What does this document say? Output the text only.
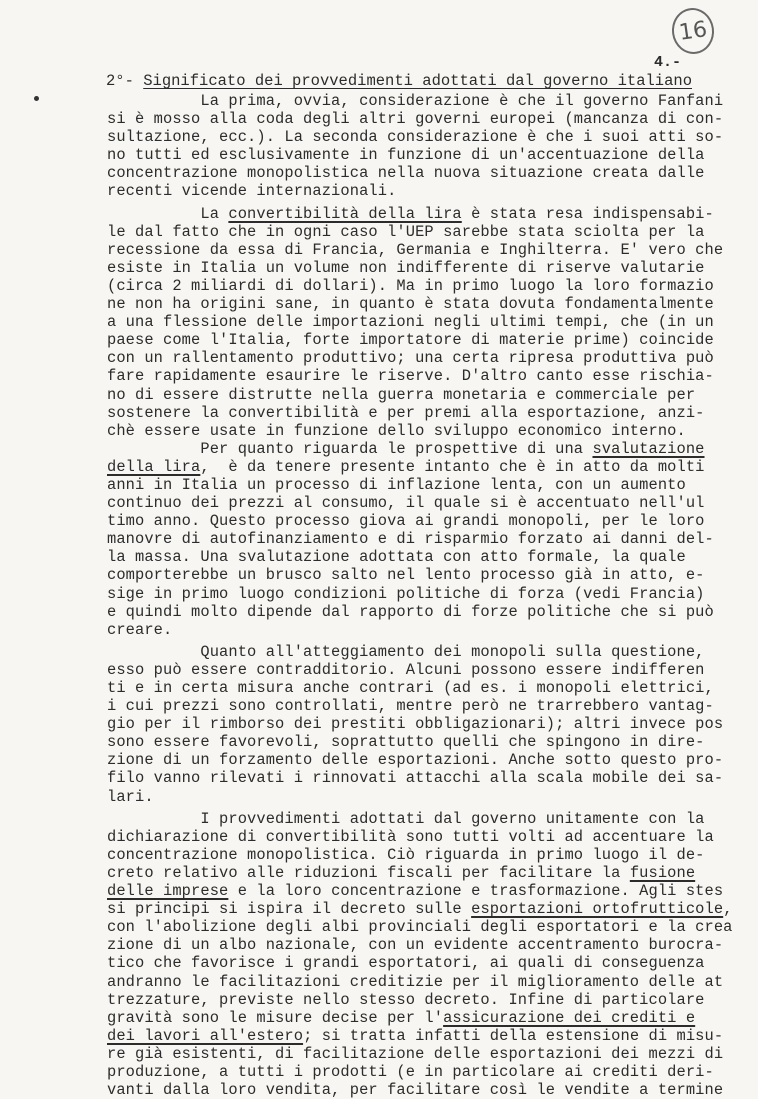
16
4.-
2°- Significato dei provvedimenti adottati dal governo italiano
La prima, ovvia, considerazione è che il governo Fanfani
si è mosso alla coda degli altri governi europei (mancanza di con-
sultazione, ecc.). La seconda considerazione è che i suoi atti so-
no tutti ed esclusivamente in funzione di un'accentuazione della
concentrazione monopolistica nella nuova situazione creata dalle
recenti vicende internazionali.
La convertibilità della lira è stata resa indispensabi-
le dal fatto che in ogni caso l'UEP sarebbe stata sciolta per la
recessione da essa di Francia, Germania e Inghilterra. E' vero che
esiste in Italia un volume non indifferente di riserve valutarie
(circa 2 miliardi di dollari). Ma in primo luogo la loro formazio
ne non ha origini sane, in quanto è stata dovuta fondamentalmente
a una flessione delle importazioni negli ultimi tempi, che (in un
paese come l'Italia, forte importatore di materie prime) coincide
con un rallentamento produttivo; una certa ripresa produttiva può
fare rapidamente esaurire le riserve. D'altro canto esse rischia-
no di essere distrutte nella guerra monetaria e commerciale per
sostenere la convertibilità e per premi alla esportazione, anzi-
chè essere usate in funzione dello sviluppo economico interno.
Per quanto riguarda le prospettive di una svalutazione
della lira,  è da tenere presente intanto che è in atto da molti
anni in Italia un processo di inflazione lenta, con un aumento
continuo dei prezzi al consumo, il quale si è accentuato nell'ul
timo anno. Questo processo giova ai grandi monopoli, per le loro
manovre di autofinanziamento e di risparmio forzato ai danni del-
la massa. Una svalutazione adottata con atto formale, la quale
comporterebbe un brusco salto nel lento processo già in atto, e-
sige in primo luogo condizioni politiche di forza (vedi Francia)
e quindi molto dipende dal rapporto di forze politiche che si può
creare.
Quanto all'atteggiamento dei monopoli sulla questione,
esso può essere contradditorio. Alcuni possono essere indifferen
ti e in certa misura anche contrari (ad es. i monopoli elettrici,
i cui prezzi sono controllati, mentre però ne trarrebbero vantag-
gio per il rimborso dei prestiti obbligazionari); altri invece pos
sono essere favorevoli, soprattutto quelli che spingono in dire-
zione di un forzamento delle esportazioni. Anche sotto questo pro-
filo vanno rilevati i rinnovati attacchi alla scala mobile dei sa-
lari.
I provvedimenti adottati dal governo unitamente con la
dichiarazione di convertibilità sono tutti volti ad accentuare la
concentrazione monopolistica. Ciò riguarda in primo luogo il de-
creto relativo alle riduzioni fiscali per facilitare la fusione
delle imprese e la loro concentrazione e trasformazione. Agli stes
si principi si ispira il decreto sulle esportazioni ortofrutticole,
con l'abolizione degli albi provinciali degli esportatori e la crea
zione di un albo nazionale, con un evidente accentramento burocra-
tico che favorisce i grandi esportatori, ai quali di conseguenza
andranno le facilitazioni creditizie per il miglioramento delle at
trezzature, previste nello stesso decreto. Infine di particolare
gravità sono le misure decise per l'assicurazione dei crediti e
dei lavori all'estero; si tratta infatti della estensione di misu-
re già esistenti, di facilitazione delle esportazioni dei mezzi di
produzione, a tutti i prodotti (e in particolare ai crediti deri-
vanti dalla loro vendita, per facilitare così le vendite a termine
